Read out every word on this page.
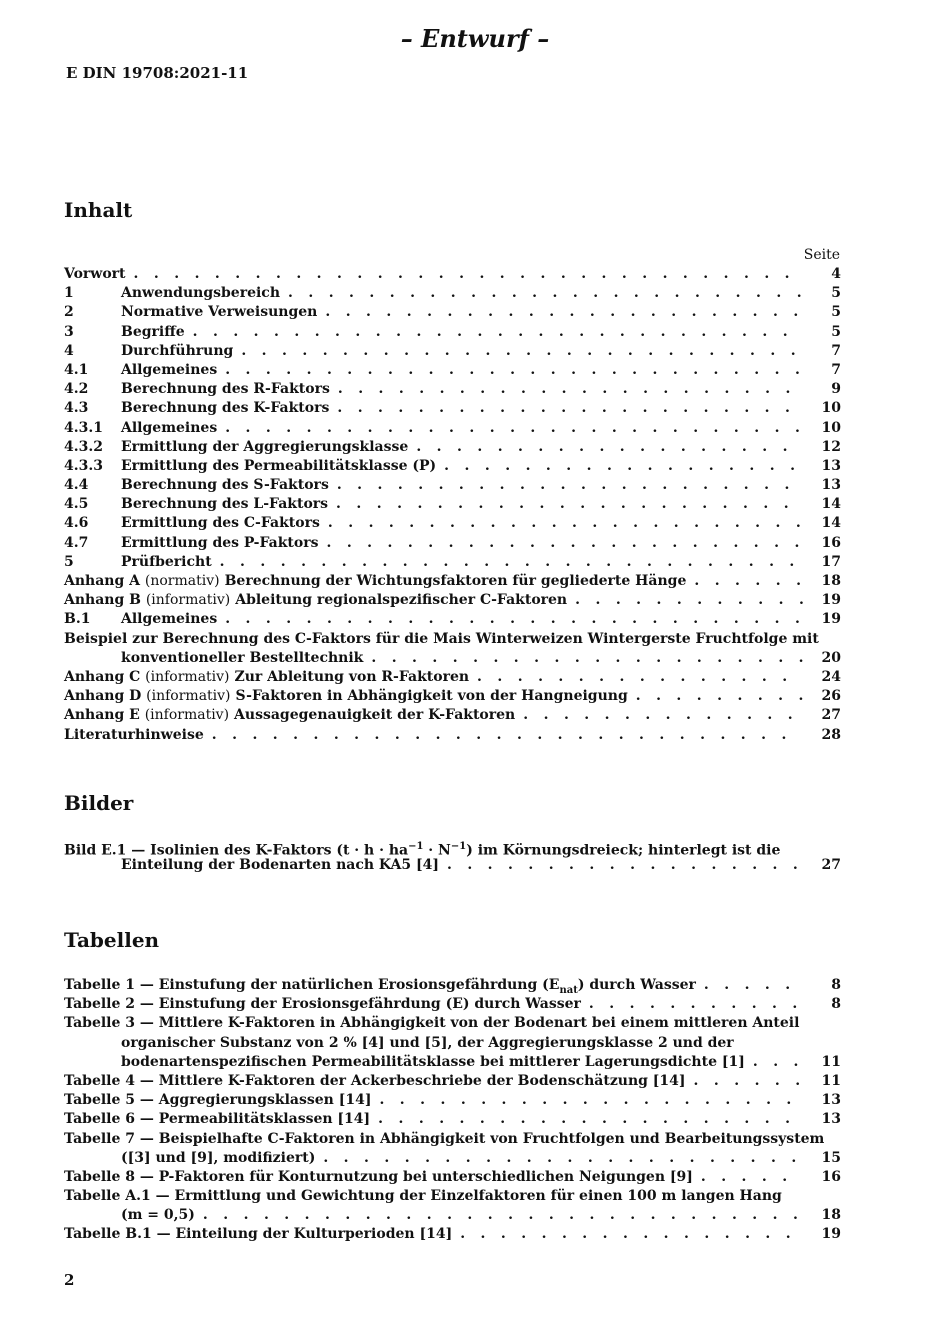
– Entwurf –
E DIN 19708:2021-11
Inhalt
Seite
Vorwort . . .	4
1	Anwendungsbereich . . .	5
2	Normative Verweisungen . . .	5
3	Begriffe . . .	5
4	Durchführung . . .	7
4.1	Allgemeines . . .	7
4.2	Berechnung des R-Faktors . . .	9
4.3	Berechnung des K-Faktors . . .	10
4.3.1	Allgemeines . . .	10
4.3.2	Ermittlung der Aggregierungsklasse . . .	12
4.3.3	Ermittlung des Permeabilitätsklasse (P) . . .	13
4.4	Berechnung des S-Faktors . . .	13
4.5	Berechnung des L-Faktors . . .	14
4.6	Ermittlung des C-Faktors . . .	14
4.7	Ermittlung des P-Faktors . . .	16
5	Prüfbericht . . .	17
Anhang A (normativ) Berechnung der Wichtungsfaktoren für gegliederte Hänge . . .	18
Anhang B (informativ) Ableitung regionalspezifischer C-Faktoren . . .	19
B.1	Allgemeines . . .	19
Beispiel zur Berechnung des C-Faktors für die Mais Winterweizen Wintergerste Fruchtfolge mit
konventioneller Bestelltechnik . . .	20
Anhang C (informativ) Zur Ableitung von R-Faktoren . . .	24
Anhang D (informativ) S-Faktoren in Abhängigkeit von der Hangneigung . . .	26
Anhang E (informativ) Aussagegenauigkeit der K-Faktoren . . .	27
Literaturhinweise . . .	28
Bilder
Bild E.1 — Isolinien des K-Faktors $(t \cdot h \cdot ha^{-1} \cdot N^{-1})$ im Körnungsdreieck; hinterlegt ist die
Einteilung der Bodenarten nach KA5 [4] . . .	27
Tabellen
Tabelle 1 — Einstufung der natürlichen Erosionsgefährdung $(E_{nat})$ durch Wasser . . .	8
Tabelle 2 — Einstufung der Erosionsgefährdung (E) durch Wasser . . .	8
Tabelle 3 — Mittlere K-Faktoren in Abhängigkeit von der Bodenart bei einem mittleren Anteil
organischer Substanz von 2 % [4] und [5], der Aggregierungsklasse 2 und der
bodenartenspezifischen Permeabilitätsklasse bei mittlerer Lagerungsdichte [1] . . .	11
Tabelle 4 — Mittlere K-Faktoren der Ackerbeschriebe der Bodenschätzung [14] . . .	11
Tabelle 5 — Aggregierungsklassen [14] . . .	13
Tabelle 6 — Permeabilitätsklassen [14] . . .	13
Tabelle 7 — Beispielhafte C-Faktoren in Abhängigkeit von Fruchtfolgen und Bearbeitungssystem
([3] und [9], modifiziert) . . .	15
Tabelle 8 — P-Faktoren für Konturnutzung bei unterschiedlichen Neigungen [9] . . .	16
Tabelle A.1 — Ermittlung und Gewichtung der Einzelfaktoren für einen 100 m langen Hang
(m = 0,5) . . .	18
Tabelle B.1 — Einteilung der Kulturperioden [14] . . .	19
2
